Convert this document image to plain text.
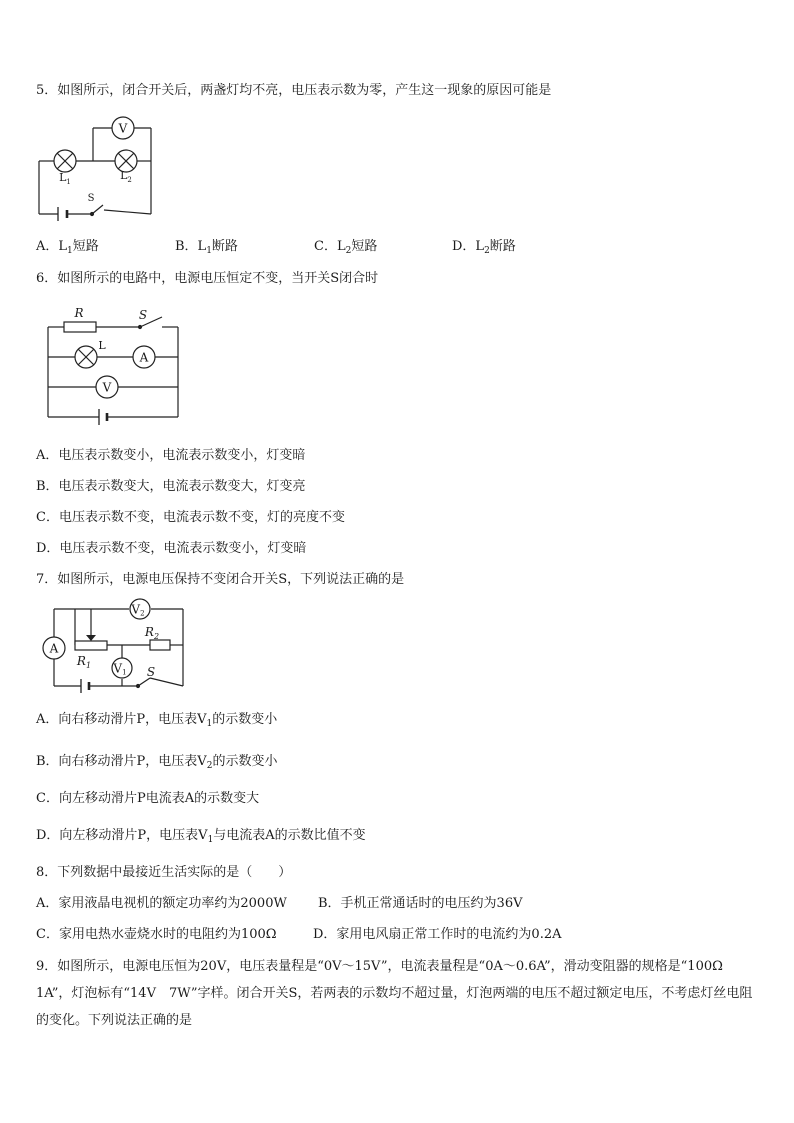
5．如图所示，闭合开关后，两盏灯均不亮，电压表示数为零，产生这一现象的原因可能是
V
$L_1$	$L_2$
S
A．$L_1$短路	B．$L_1$断路	C．$L_2$短路	D．$L_2$断路
6．如图所示的电路中，电源电压恒定不变，当开关S闭合时
R	S
L
A
V
A．电压表示数变小，电流表示数变小，灯变暗
B．电压表示数变大，电流表示数变大，灯变亮
C．电压表示数不变，电流表示数不变，灯的亮度不变
D．电压表示数不变，电流表示数变小，灯变暗
7．如图所示，电源电压保持不变闭合开关S，下列说法正确的是
A
V2
$R_1$
$R_2$
V1 S
A．向右移动滑片P，电压表$V_1$的示数变小
B．向右移动滑片P，电压表$V_2$的示数变小
C．向左移动滑片P电流表A的示数变大
D．向左移动滑片P，电压表$V_1$与电流表A的示数比值不变
8．下列数据中最接近生活实际的是（　　）
A．家用液晶电视机的额定功率约为2000W B．手机正常通话时的电压约为36V
C．家用电热水壶烧水时的电阻约为100Ω	D．家用电风扇正常工作时的电流约为0.2A
9．如图所示，电源电压恒为20V，电压表量程是“0V～15V”，电流表量程是“0A～0.6A”，滑动变阻器的规格是“100Ω 1A”，灯泡标有“14V　7W”字样。闭合开关S，若两表的示数均不超过量，灯泡两端的电压不超过额定电压，不考虑灯丝电阻的变化。下列说法正确的是
